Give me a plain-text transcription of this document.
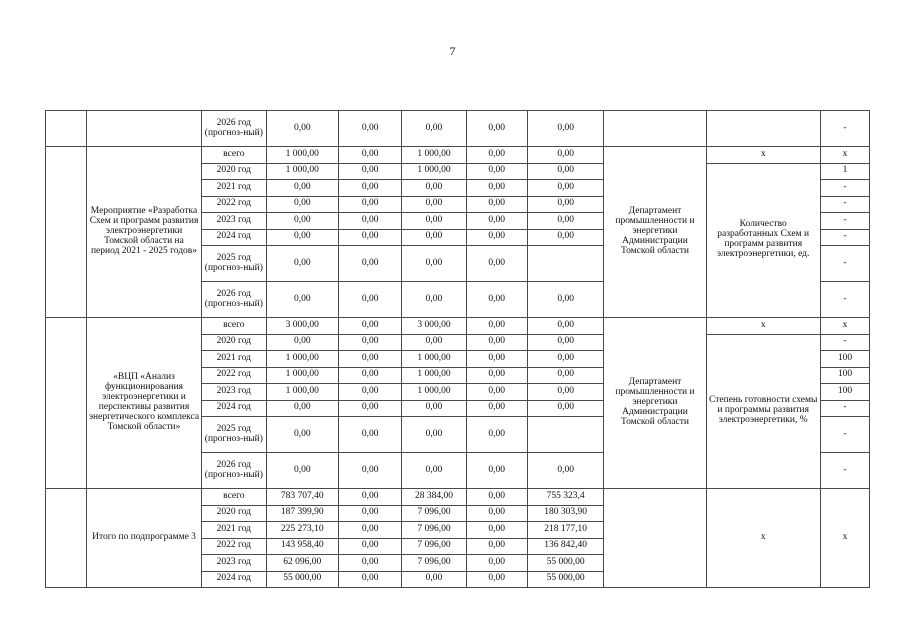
7
		2026 год (прогноз-ный)	0,00	0,00	0,00	0,00	0,00			-
	Мероприятие «Разработка Схем и программ развития электроэнергетики Томской области на период 2021 - 2025 годов»	всего	1 000,00	0,00	1 000,00	0,00	0,00	Департамент промышленности и энергетики Администрации Томской области	x	x
		2020 год	1 000,00	0,00	1 000,00	0,00	0,00		Количество разработанных Схем и программ развития электроэнергетики, ед.	1
		2021 год	0,00	0,00	0,00	0,00	0,00			-
		2022 год	0,00	0,00	0,00	0,00	0,00			-
		2023 год	0,00	0,00	0,00	0,00	0,00			-
		2024 год	0,00	0,00	0,00	0,00	0,00			-
		2025 год (прогноз-ный)	0,00	0,00	0,00	0,00				-
		2026 год (прогноз-ный)	0,00	0,00	0,00	0,00	0,00			-
	«ВЦП «Анализ функционирования электроэнергетики и перспективы развития энергетического комплекса Томской области»	всего	3 000,00	0,00	3 000,00	0,00	0,00	Департамент промышленности и энергетики Администрации Томской области	x	x
		2020 год	0,00	0,00	0,00	0,00	0,00		Степень готовности схемы и программы развития электроэнергетики, %	-
		2021 год	1 000,00	0,00	1 000,00	0,00	0,00			100
		2022 год	1 000,00	0,00	1 000,00	0,00	0,00			100
		2023 год	1 000,00	0,00	1 000,00	0,00	0,00			100
		2024 год	0,00	0,00	0,00	0,00	0,00			-
		2025 год (прогноз-ный)	0,00	0,00	0,00	0,00				-
		2026 год (прогноз-ный)	0,00	0,00	0,00	0,00	0,00			-
	Итого по подпрограмме 3	всего	783 707,40	0,00	28 384,00	0,00	755 323,4		x	x
		2020 год	187 399,90	0,00	7 096,00	0,00	180 303,90			
		2021 год	225 273,10	0,00	7 096,00	0,00	218 177,10			
		2022 год	143 958,40	0,00	7 096,00	0,00	136 842,40			
		2023 год	62 096,00	0,00	7 096,00	0,00	55 000,00			
		2024 год	55 000,00	0,00	0,00	0,00	55 000,00			
